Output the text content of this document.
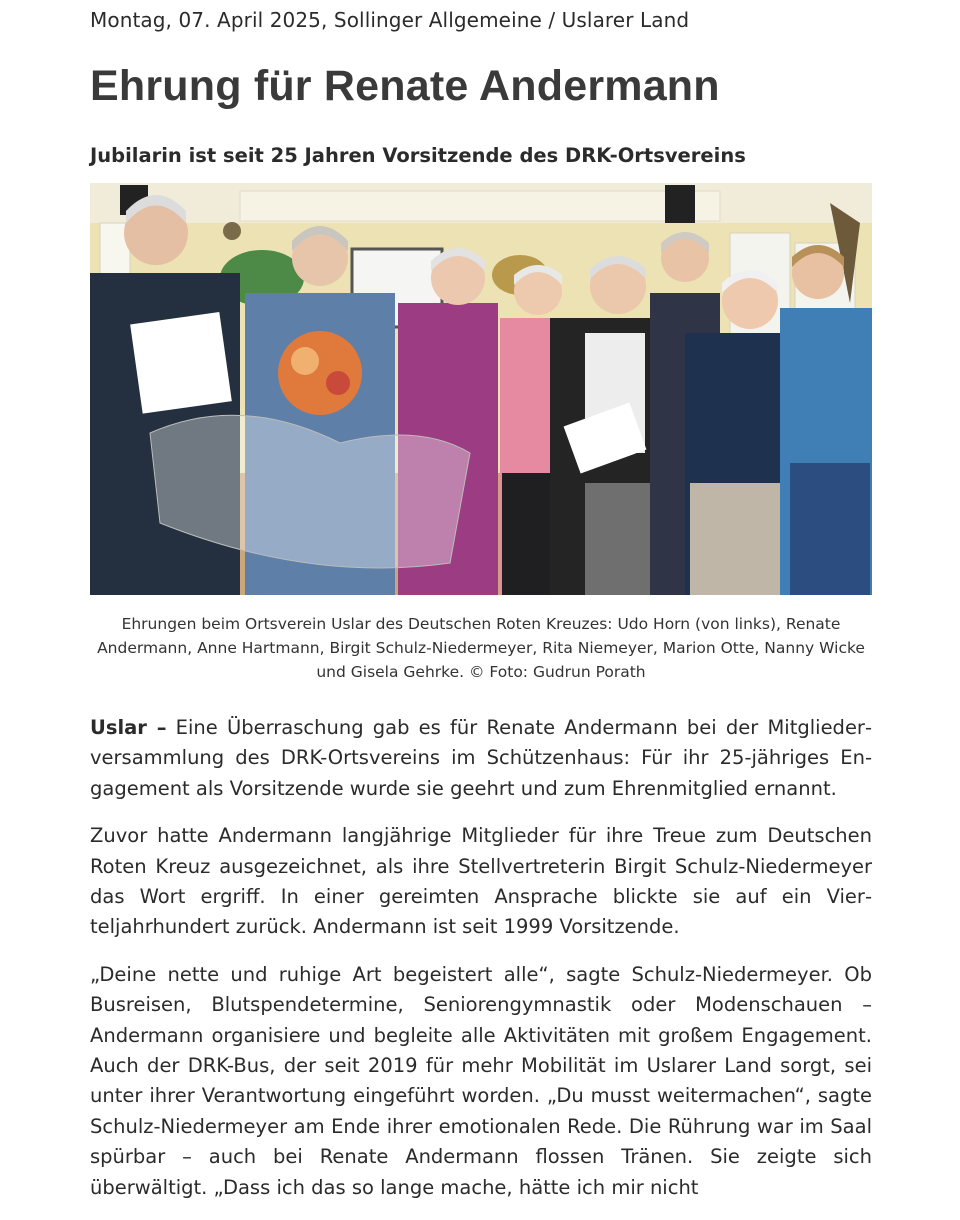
Montag, 07. April 2025, Sollinger Allgemeine / Uslarer Land
Ehrung für Renate Andermann
Jubilarin ist seit 25 Jahren Vorsitzende des DRK-Ortsvereins

Ehrungen beim Ortsverein Uslar des Deutschen Roten Kreuzes: Udo Horn (von links), Renate Andermann, Anne Hartmann, Birgit Schulz-Niedermeyer, Rita Niemeyer, Marion Otte, Nanny Wicke und Gisela Gehrke. © Foto: Gudrun Porath

Uslar – Eine Überraschung gab es für Renate Andermann bei der Mitgliederversammlung des DRK-Ortsvereins im Schützenhaus: Für ihr 25-jähriges Engagement als Vorsitzende wurde sie geehrt und zum Ehrenmitglied ernannt.

Zuvor hatte Andermann langjährige Mitglieder für ihre Treue zum Deutschen Roten Kreuz ausgezeichnet, als ihre Stellvertreterin Birgit Schulz-Niedermeyer das Wort ergriff. In einer gereimten Ansprache blickte sie auf ein Vierteljahrhundert zurück. Andermann ist seit 1999 Vorsitzende.

„Deine nette und ruhige Art begeistert alle“, sagte Schulz-Niedermeyer. Ob Busreisen, Blutspendetermine, Seniorengymnastik oder Modenschauen – Andermann organisiere und begleite alle Aktivitäten mit großem Engagement. Auch der DRK-Bus, der seit 2019 für mehr Mobilität im Uslarer Land sorgt, sei unter ihrer Verantwortung eingeführt worden. „Du musst weitermachen“, sagte Schulz-Niedermeyer am Ende ihrer emotionalen Rede. Die Rührung war im Saal spürbar – auch bei Renate Andermann flossen Tränen. Sie zeigte sich überwältigt. „Dass ich das so lange mache, hätte ich mir nicht
